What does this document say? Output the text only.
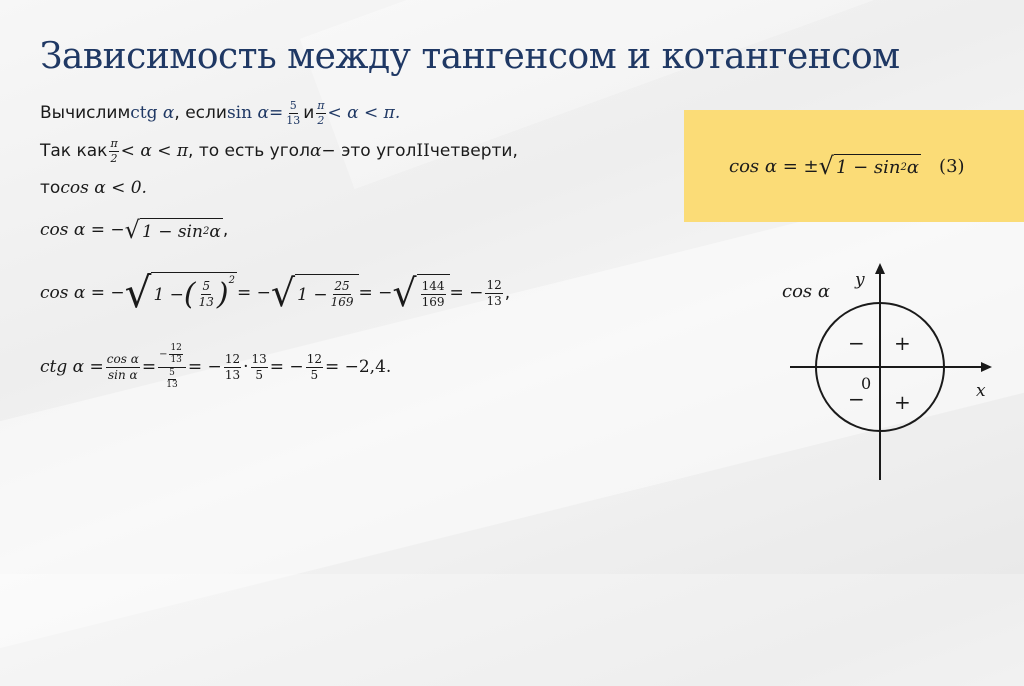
Зависимость между тангенсом и котангенсом
Вычислим ctg
α , если sin
$\alpha = \frac{5}{13}$ и $\frac{\pi}{2} < \alpha < \pi$.
Так как $\frac{\pi}{2} < \alpha < \pi$ , то есть угол α − это угол II четверти,
то cos α < 0.
cos α = − √ 1 − sin 2 α ,
cos α = − √ 1 − ( $\frac{5}{13} )^2$
= − √ $1 - \frac{25}{169}$ = − √ $\frac{144}{169}$ = − $\frac{12}{13}$ ,
ctg $\alpha = \frac{\text{cos α}}{\text{sin α}} = \frac{- \frac{12}{13}}{\frac{5}{13}}$ = − $\frac{12}{13} \cdot \frac{13}{5}$ = − $\frac{12}{5} = -2,4$.
cos α = ± √ 1 − sin 2 α (3)
cos α
y
x
0
− +
− +
